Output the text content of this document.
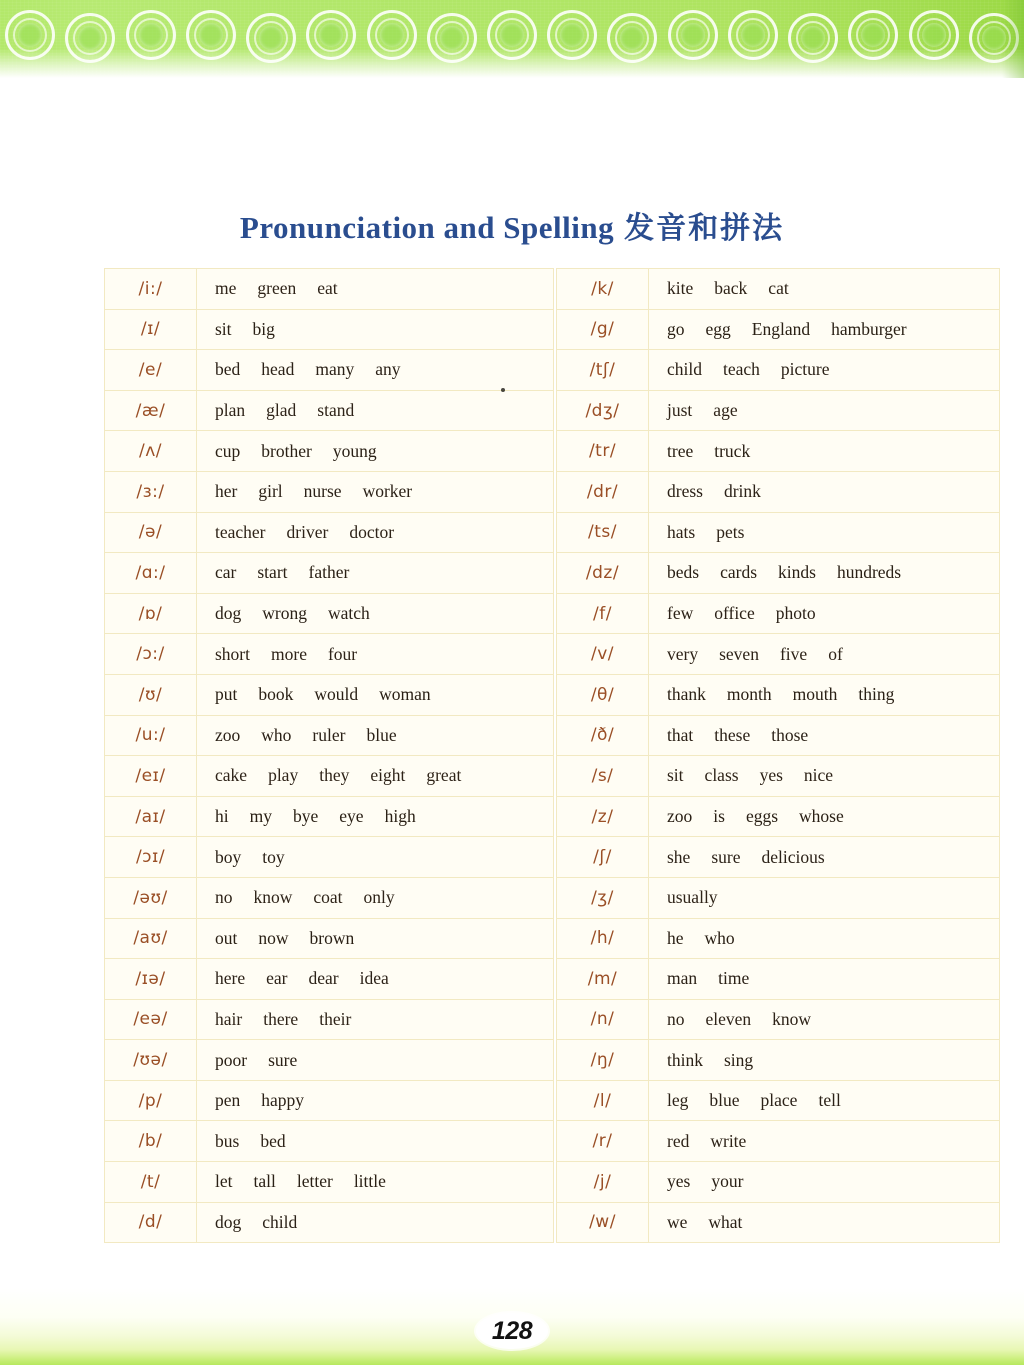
Pronunciation and Spelling 发音和拼法
/i:/	me green eat

/ɪ/	sit big

/e/	bed head many any

/æ/	plan glad stand

/ʌ/	cup brother young

/ɜ:/	her girl nurse worker

/ə/	teacher driver doctor

/ɑ:/	car start father

/ɒ/	dog wrong watch

/ɔ:/	short more four

/ʊ/	put book would woman

/u:/	zoo who ruler blue

/eɪ/	cake play they eight great

/aɪ/	hi my bye eye high

/ɔɪ/	boy toy

/əʊ/	no know coat only

/aʊ/	out now brown

/ɪə/	here ear dear idea

/eə/	hair there their

/ʊə/	poor sure

/p/	pen happy

/b/	bus bed

/t/	let tall letter little

/d/	dog child
/k/	kite back cat

/g/	go egg England hamburger

/tʃ/	child teach picture

/dʒ/	just age

/tr/	tree truck

/dr/	dress drink

/ts/	hats pets

/dz/	beds cards kinds hundreds

/f/	few office photo

/v/	very seven five of

/θ/	thank month mouth thing

/ð/	that these those

/s/	sit class yes nice

/z/	zoo is eggs whose

/ʃ/	she sure delicious

/ʒ/	usually

/h/	he who

/m/	man time

/n/	no eleven know

/ŋ/	think sing

/l/	leg blue place tell

/r/	red write

/j/	yes your

/w/	we what
128
